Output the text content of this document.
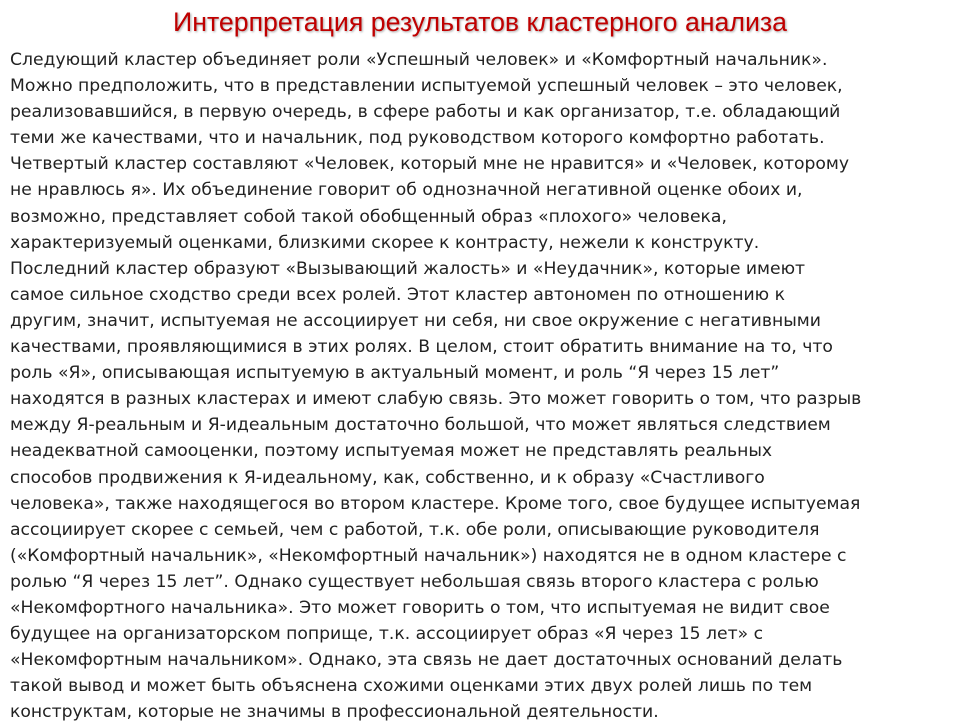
Интерпретация результатов кластерного анализа
Следующий кластер объединяет роли «Успешный человек» и «Комфортный начальник».
Можно предположить, что в представлении испытуемой успешный человек – это человек,
реализовавшийся, в первую очередь, в сфере работы и как организатор, т.е. обладающий
теми же качествами, что и начальник, под руководством которого комфортно работать.
Четвертый кластер составляют «Человек, который мне не нравится» и «Человек, которому
не нравлюсь я». Их объединение говорит об однозначной негативной оценке обоих и,
возможно, представляет собой такой обобщенный образ «плохого» человека,
характеризуемый оценками, близкими скорее к контрасту, нежели к конструкту.
Последний кластер образуют «Вызывающий жалость» и «Неудачник», которые имеют
самое сильное сходство среди всех ролей. Этот кластер автономен по отношению к
другим, значит, испытуемая не ассоциирует ни себя, ни свое окружение с негативными
качествами, проявляющимися в этих ролях. В целом, стоит обратить внимание на то, что
роль «Я», описывающая испытуемую в актуальный момент, и роль “Я через 15 лет”
находятся в разных кластерах и имеют слабую связь. Это может говорить о том, что разрыв
между Я-реальным и Я-идеальным достаточно большой, что может являться следствием
неадекватной самооценки, поэтому испытуемая может не представлять реальных
способов продвижения к Я-идеальному, как, собственно, и к образу «Счастливого
человека», также находящегося во втором кластере. Кроме того, свое будущее испытуемая
ассоциирует скорее с семьей, чем с работой, т.к. обе роли, описывающие руководителя
(«Комфортный начальник», «Некомфортный начальник») находятся не в одном кластере с
ролью “Я через 15 лет”. Однако существует небольшая связь второго кластера с ролью
«Некомфортного начальника». Это может говорить о том, что испытуемая не видит свое
будущее на организаторском поприще, т.к. ассоциирует образ «Я через 15 лет» с
«Некомфортным начальником». Однако, эта связь не дает достаточных оснований делать
такой вывод и может быть объяснена схожими оценками этих двух ролей лишь по тем
конструктам, которые не значимы в профессиональной деятельности.
